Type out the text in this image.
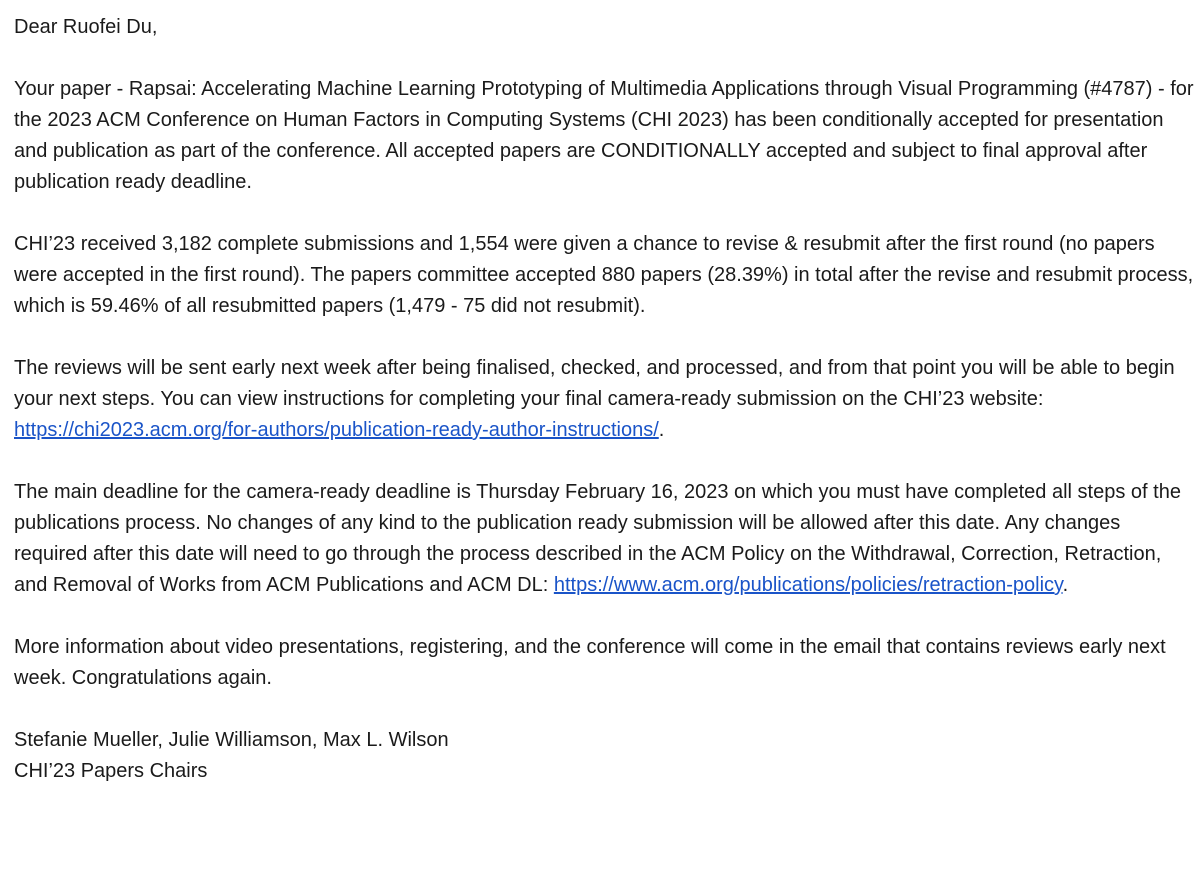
Dear Ruofei Du,

Your paper - Rapsai: Accelerating Machine Learning Prototyping of Multimedia Applications through Visual Programming (#4787) - for the 2023 ACM Conference on Human Factors in Computing Systems (CHI 2023) has been conditionally accepted for presentation and publication as part of the conference. All accepted papers are CONDITIONALLY accepted and subject to final approval after publication ready deadline.

CHI’23 received 3,182 complete submissions and 1,554 were given a chance to revise & resubmit after the first round (no papers were accepted in the first round). The papers committee accepted 880 papers (28.39%) in total after the revise and resubmit process, which is 59.46% of all resubmitted papers (1,479 - 75 did not resubmit).

The reviews will be sent early next week after being finalised, checked, and processed, and from that point you will be able to begin your next steps. You can view instructions for completing your final camera-ready submission on the CHI’23 website: https://chi2023.acm.org/for-authors/publication-ready-author-instructions/.

The main deadline for the camera-ready deadline is Thursday February 16, 2023 on which you must have completed all steps of the publications process. No changes of any kind to the publication ready submission will be allowed after this date. Any changes required after this date will need to go through the process described in the ACM Policy on the Withdrawal, Correction, Retraction, and Removal of Works from ACM Publications and ACM DL: https://www.acm.org/publications/policies/retraction-policy.

More information about video presentations, registering, and the conference will come in the email that contains reviews early next week. Congratulations again.

Stefanie Mueller, Julie Williamson, Max L. Wilson

CHI’23 Papers Chairs
